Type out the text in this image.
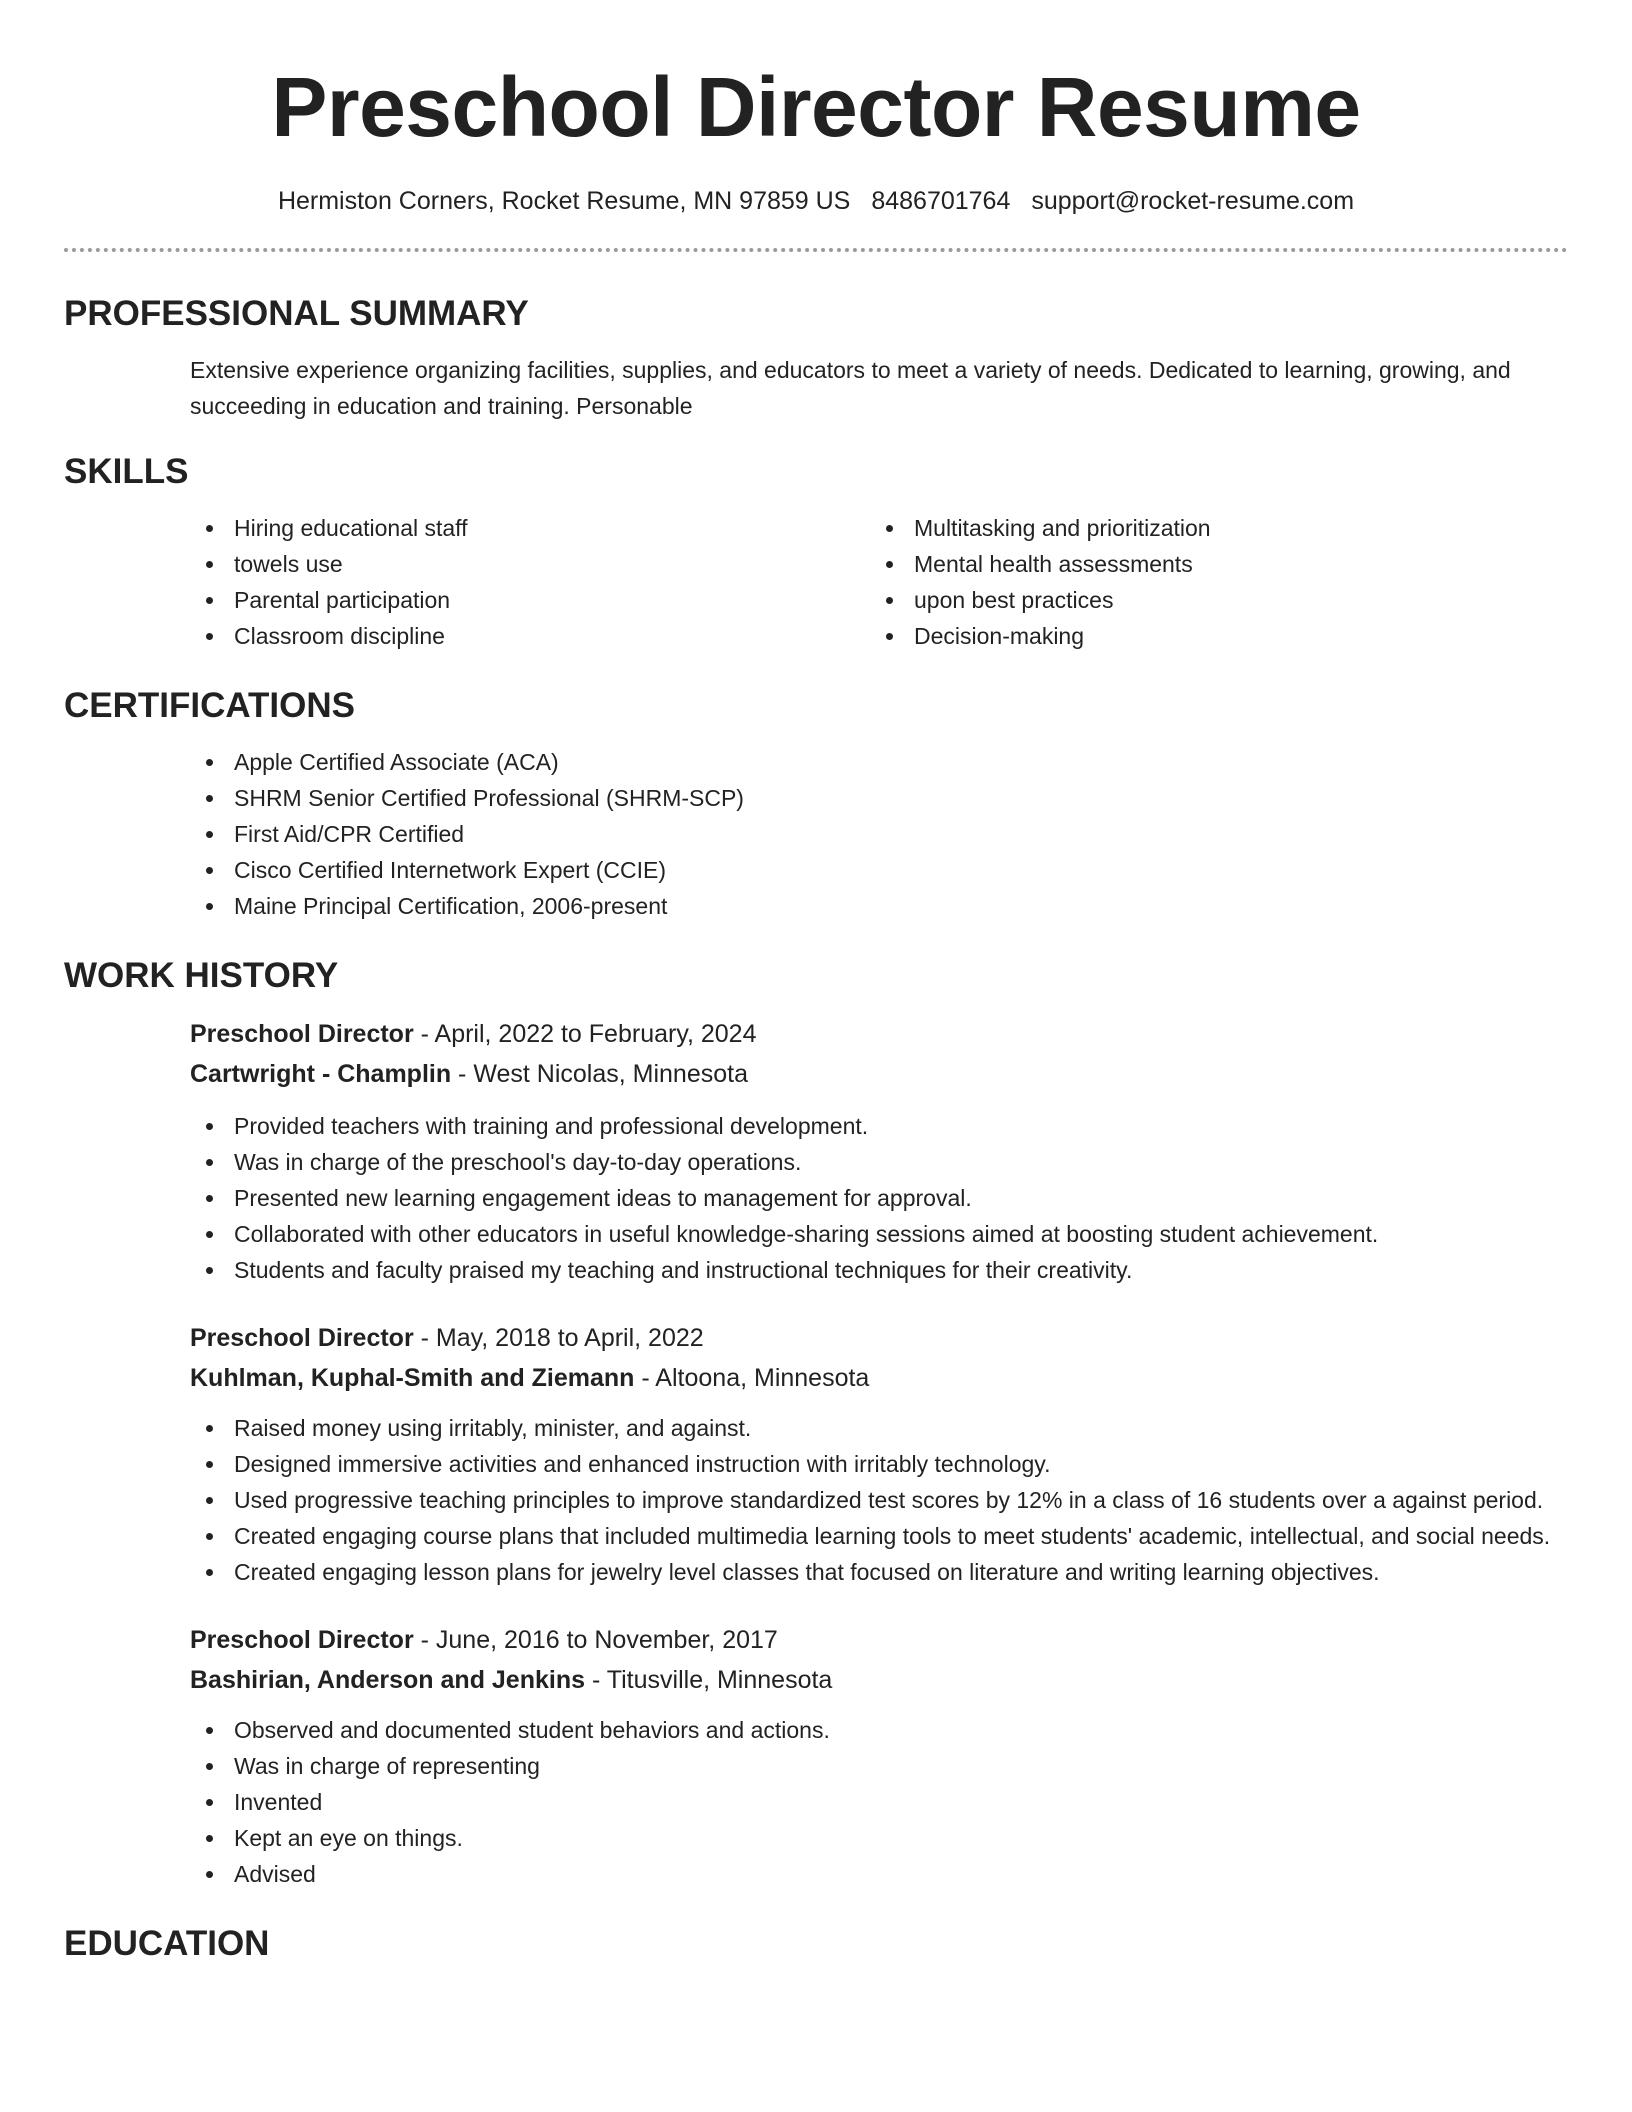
Preschool Director Resume
Hermiston Corners, Rocket Resume, MN 97859 US 8486701764 support@rocket-resume.com
PROFESSIONAL SUMMARY

Extensive experience organizing facilities, supplies, and educators to meet a variety of needs. Dedicated to learning, growing, and succeeding in education and training. Personable

SKILLS
Hiring educational staff
towels use
Parental participation
Classroom discipline
Multitasking and prioritization
Mental health assessments
upon best practices
Decision-making
CERTIFICATIONS
Apple Certified Associate (ACA)
SHRM Senior Certified Professional (SHRM-SCP)
First Aid/CPR Certified
Cisco Certified Internetwork Expert (CCIE)
Maine Principal Certification, 2006-present
WORK HISTORY

Preschool Director - April, 2022 to February, 2024

Cartwright - Champlin - West Nicolas, Minnesota

Provided teachers with training and professional development.
Was in charge of the preschool's day-to-day operations.
Presented new learning engagement ideas to management for approval.
Collaborated with other educators in useful knowledge-sharing sessions aimed at boosting student achievement.
Students and faculty praised my teaching and instructional techniques for their creativity.

Preschool Director - May, 2018 to April, 2022

Kuhlman, Kuphal-Smith and Ziemann - Altoona, Minnesota

Raised money using irritably, minister, and against.
Designed immersive activities and enhanced instruction with irritably technology.
Used progressive teaching principles to improve standardized test scores by 12% in a class of 16 students over a against period.
Created engaging course plans that included multimedia learning tools to meet students' academic, intellectual, and social needs.
Created engaging lesson plans for jewelry level classes that focused on literature and writing learning objectives.

Preschool Director - June, 2016 to November, 2017

Bashirian, Anderson and Jenkins - Titusville, Minnesota

Observed and documented student behaviors and actions.
Was in charge of representing
Invented
Kept an eye on things.
Advised
EDUCATION
